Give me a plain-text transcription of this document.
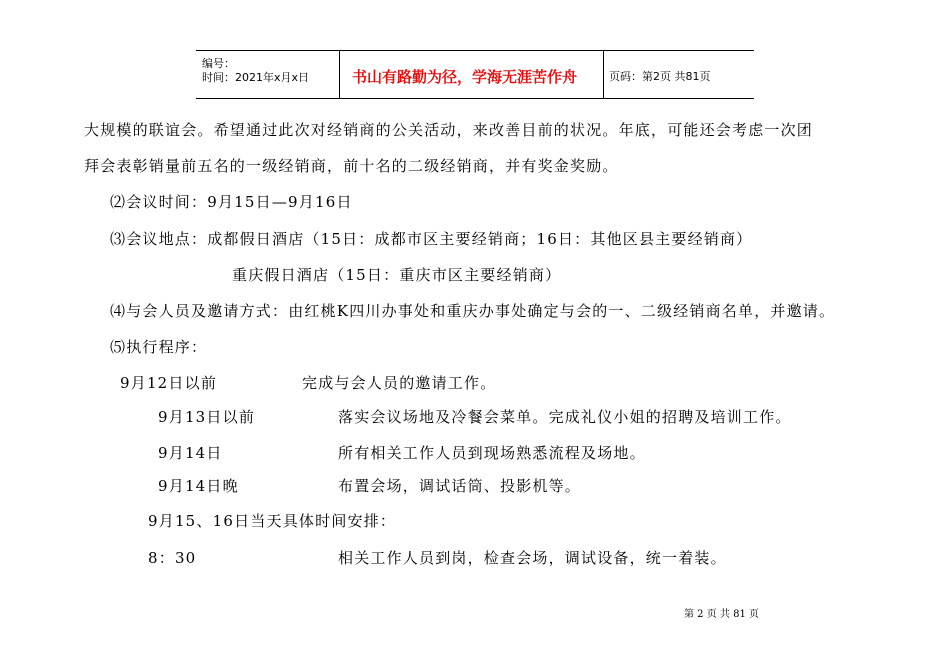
编号：
时间：2021年x月x日	书山有路勤为径，学海无涯苦作舟	页码：第2页 共81页
大规模的联谊会。希望通过此次对经销商的公关活动，来改善目前的状况。年底，可能还会考虑一次团
拜会表彰销量前五名的一级经销商，前十名的二级经销商，并有奖金奖励。
⑵会议时间：9月15日—9月16日
⑶会议地点：成都假日酒店（15日：成都市区主要经销商；16日：其他区县主要经销商）
重庆假日酒店（15日：重庆市区主要经销商）
⑷与会人员及邀请方式：由红桃K四川办事处和重庆办事处确定与会的一、二级经销商名单，并邀请。
⑸执行程序：
9月12日以前	完成与会人员的邀请工作。
9月13日以前	落实会议场地及冷餐会菜单。完成礼仪小姐的招聘及培训工作。
9月14日	所有相关工作人员到现场熟悉流程及场地。
9月14日晚	布置会场，调试话筒、投影机等。
9月15、16日当天具体时间安排：
8：30	相关工作人员到岗，检查会场，调试设备，统一着装。
第 2 页 共 81 页
